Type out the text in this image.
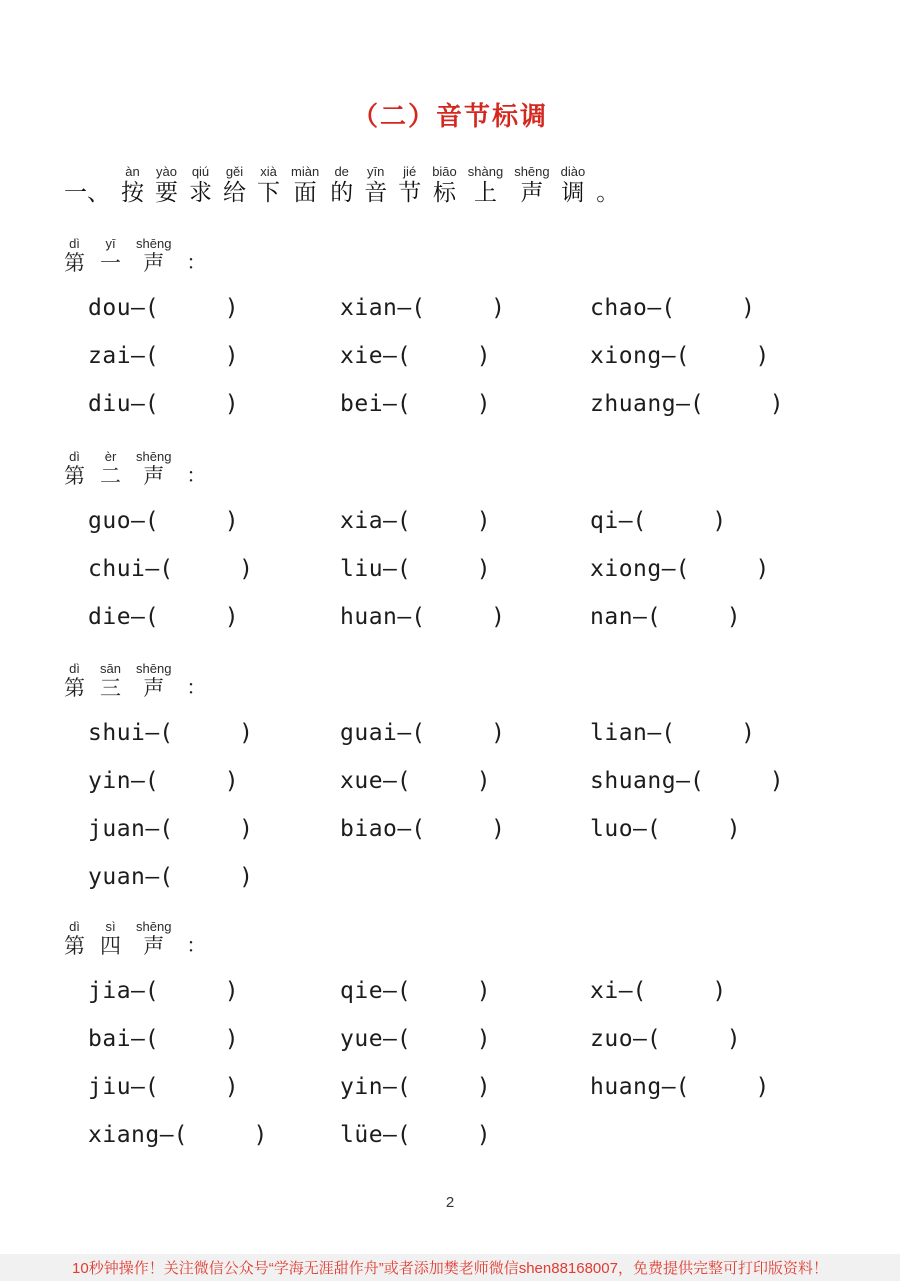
（二）音节标调
一、
àn
按
yào
要
qiú
求
gěi
给
xià
下
miàn
面
de
的
yīn
音
jié
节
biāo
标
shàng
上
shēng
声
diào
调 。
dì
第
yī
一
shēng
声 ：
dou —(	)	xian —(	)	chao —(	)
zai —(	)	xie —(	)	xiong —(	)
diu —(	)	bei —(	)	zhuang —(	)
dì
第
èr
二
shēng
声 ：
guo —(	)	xia —(	)	qi —(	)
chui —(	)	liu —(	)	xiong —(	)
die —(	)	huan —(	)	nan —(	)
dì
第
sān
三
shēng
声 ：
shui —(	)	guai —(	)	lian —(	)
yin —(	)	xue —(	)	shuang —(	)
juan —(	)	biao —(	)	luo —(	)
yuan —(	)
dì
第
sì
四
shēng
声 ：
jia —(	)	qie —(	)	xi —(	)
bai —(	)	yue —(	)	zuo —(	)
jiu —(	)	yin —(	)	huang —(	)
xiang —(	)	lüe —(	)
2
10秒钟操作！关注微信公众号“学海无涯甜作舟”或者添加樊老师微信shen88168007，免费提供完整可打印版资料！
